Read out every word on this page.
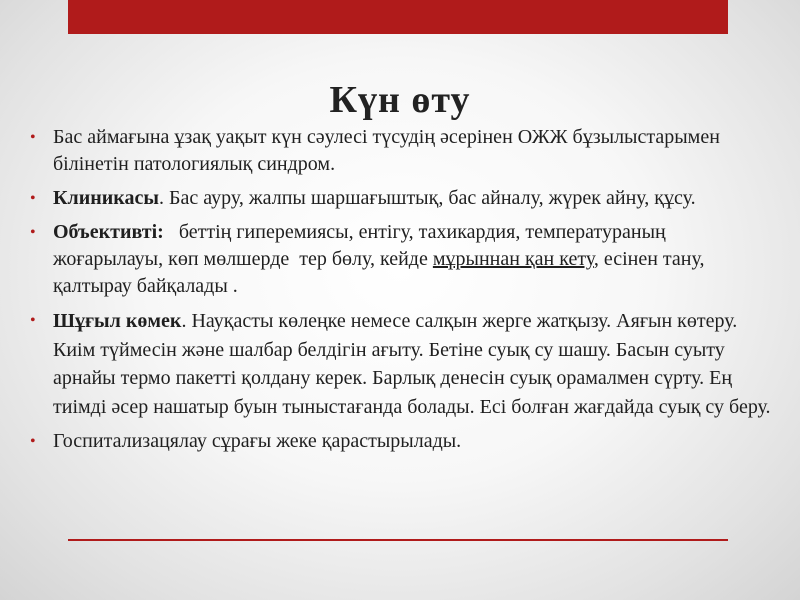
Күн өту
• Бас аймағына ұзақ уақыт күн сәулесі түсудің әсерінен ОЖЖ бұзылыстарымен білінетін патологиялық синдром.
• Клиникасы. Бас ауру, жалпы шаршағыштық, бас айналу, жүрек айну, құсу.
• Объективті:   беттің гиперемиясы, ентігу, тахикардия, температураның жоғарылауы, көп мөлшерде  тер бөлу, кейде мұрыннан қан кету, есінен тану, қалтырау байқалады .
• Шұғыл көмек. Науқасты көлеңке немесе салқын жерге жатқызу. Аяғын көтеру. Киім түймесін және шалбар белдігін ағыту. Бетіне суық су шашу. Басын суыту арнайы термо пакетті қолдану керек. Барлық денесін суық орамалмен сүрту. Ең тиімді әсер нашатыр буын тыныстағанда болады. Есі болған жағдайда суық су беру.
• Госпитализацялау сұрағы жеке қарастырылады.
